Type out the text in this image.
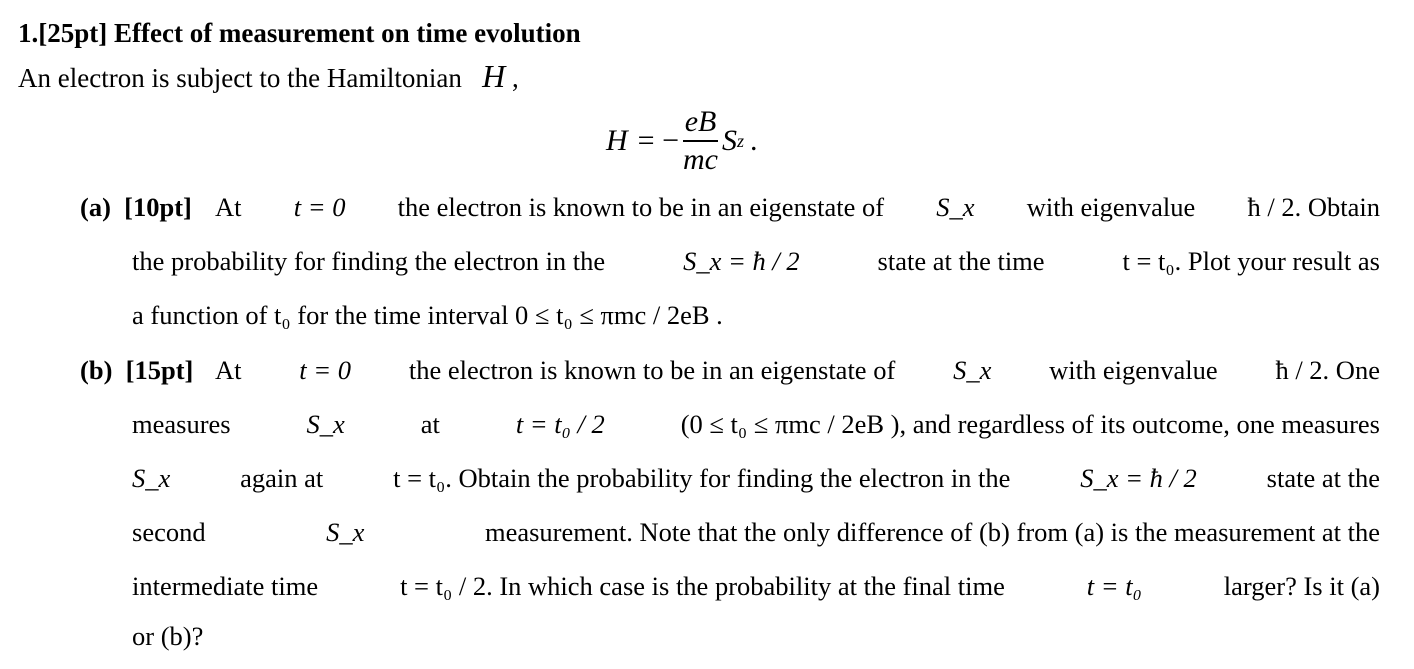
1.[25pt] Effect of measurement on time evolution
An electron is subject to the Hamiltonian H ,
H = − $\frac{eB}{mc}$ S z .
(a) [10pt] At t = 0 the electron is known to be in an eigenstate of S_x with eigenvalue ħ / 2. Obtain
the probability for finding the electron in the	S_x = ħ / 2	state at the time	t = t₀. Plot your result as
a function of t₀ for the time interval 0 ≤ t₀ ≤ πmc / 2eB .
(b) [15pt] At t = 0 the electron is known to be in an eigenstate of S_x with eigenvalue ħ / 2. One
measures	S_x	at	t = t₀ / 2	(0 ≤ t₀ ≤ πmc / 2eB ), and regardless of its outcome, one measures
S_x	again at	t = t₀. Obtain the probability for finding the electron in the	S_x = ħ / 2	state at the
second	S_x	measurement. Note that the only difference of (b) from (a) is the measurement at the
intermediate time	t = t₀ / 2. In which case is the probability at the final time	t = t₀	larger? Is it (a)
or (b)?
